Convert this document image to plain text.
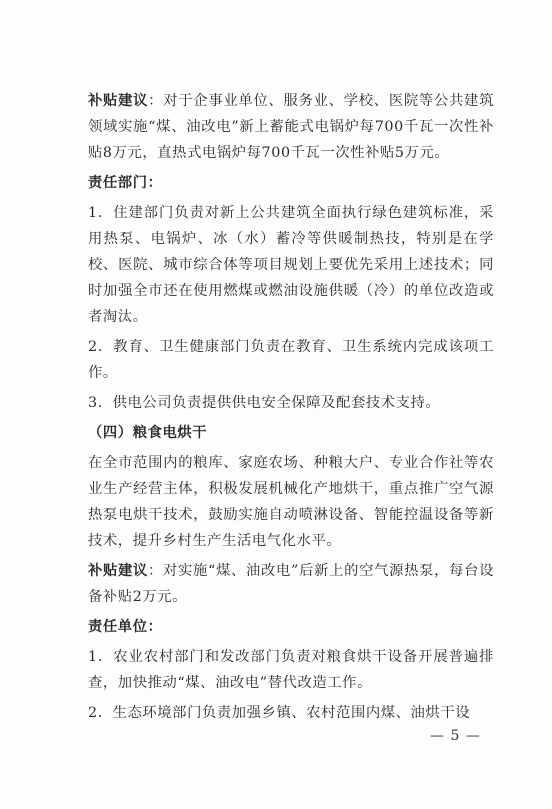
补贴建议：对于企事业单位、服务业、学校、医院等公共建筑领域实施“煤、油改电”新上蓄能式电锅炉每700千瓦一次性补贴8万元，直热式电锅炉每700千瓦一次性补贴5万元。

责任部门：

1．住建部门负责对新上公共建筑全面执行绿色建筑标准，采用热泵、电锅炉、冰（水）蓄冷等供暖制热技，特别是在学校、医院、城市综合体等项目规划上要优先采用上述技术；同时加强全市还在使用燃煤或燃油设施供暖（冷）的单位改造或者淘汰。

2．教育、卫生健康部门负责在教育、卫生系统内完成该项工作。

3．供电公司负责提供供电安全保障及配套技术支持。

（四）粮食电烘干

在全市范围内的粮库、家庭农场、种粮大户、专业合作社等农业生产经营主体，积极发展机械化产地烘干，重点推广空气源热泵电烘干技术，鼓励实施自动喷淋设备、智能控温设备等新技术，提升乡村生产生活电气化水平。

补贴建议：对实施“煤、油改电”后新上的空气源热泵，每台设备补贴2万元。

责任单位：

1．农业农村部门和发改部门负责对粮食烘干设备开展普遍排查，加快推动“煤、油改电”替代改造工作。

2．生态环境部门负责加强乡镇、农村范围内煤、油烘干设

— 5 —
